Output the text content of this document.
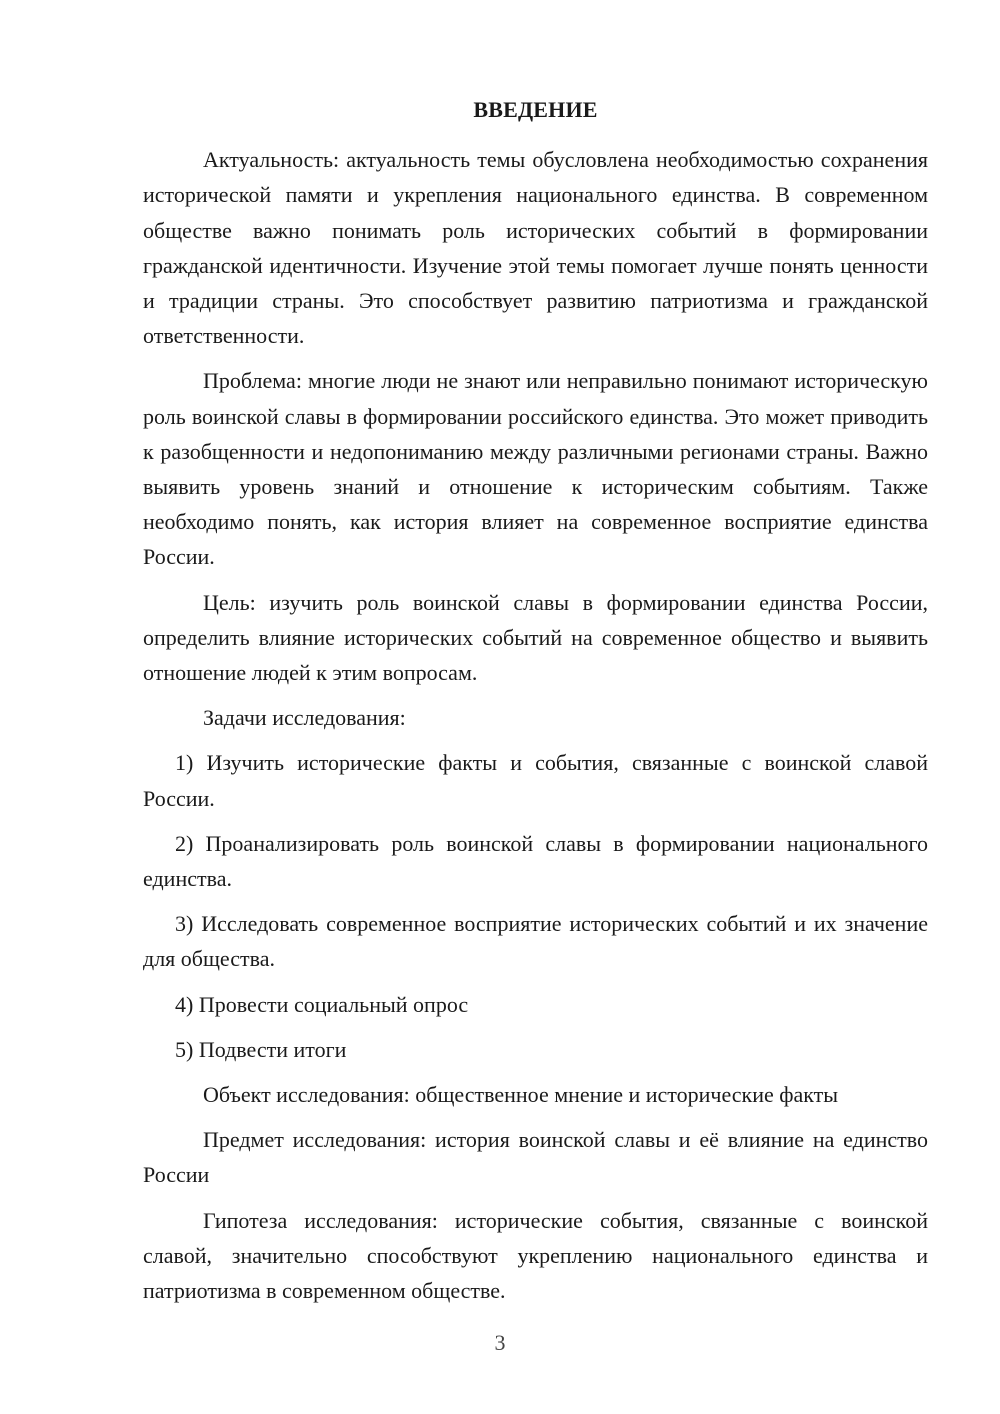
ВВЕДЕНИЕ

Актуальность: актуальность темы обусловлена необходимостью сохранения исторической памяти и укрепления национального единства. В современном обществе важно понимать роль исторических событий в формировании гражданской идентичности. Изучение этой темы помогает лучше понять ценности и традиции страны. Это способствует развитию патриотизма и гражданской ответственности.

Проблема: многие люди не знают или неправильно понимают историческую роль воинской славы в формировании российского единства. Это может приводить к разобщенности и недопониманию между различными регионами страны. Важно выявить уровень знаний и отношение к историческим событиям. Также необходимо понять, как история влияет на современное восприятие единства России.

Цель: изучить роль воинской славы в формировании единства России, определить влияние исторических событий на современное общество и выявить отношение людей к этим вопросам.

Задачи исследования:

1) Изучить исторические факты и события, связанные с воинской славой России.

2) Проанализировать роль воинской славы в формировании национального единства.

3) Исследовать современное восприятие исторических событий и их значение для общества.

4) Провести социальный опрос

5) Подвести итоги

Объект исследования: общественное мнение и исторические факты

Предмет исследования: история воинской славы и её влияние на единство России

Гипотеза исследования: исторические события, связанные с воинской славой, значительно способствуют укреплению национального единства и патриотизма в современном обществе.

3
